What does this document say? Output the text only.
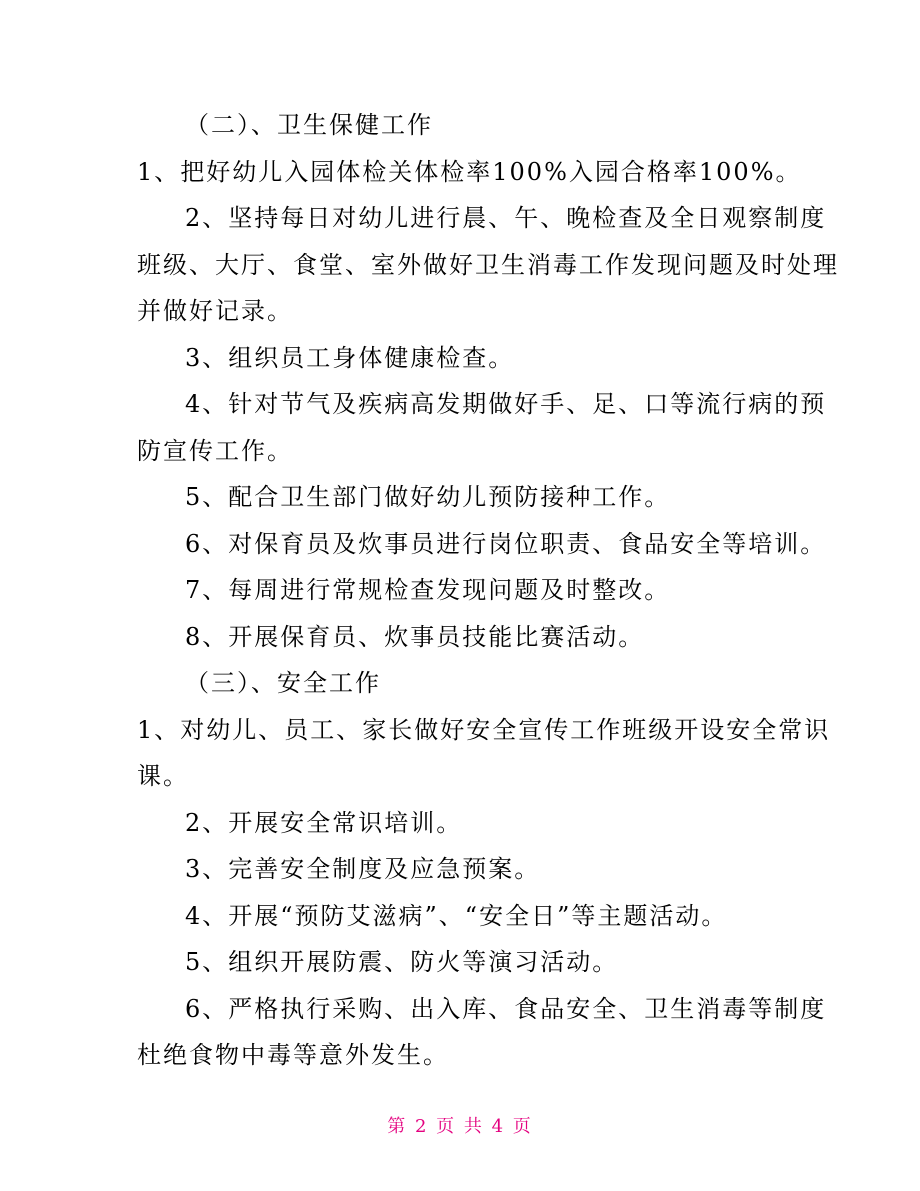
（二）、卫生保健工作
1、把好幼儿入园体检关体检率100%入园合格率100%。
2、坚持每日对幼儿进行晨、午、晚检查及全日观察制度
班级、大厅、食堂、室外做好卫生消毒工作发现问题及时处理
并做好记录。
3、组织员工身体健康检查。
4、针对节气及疾病高发期做好手、足、口等流行病的预
防宣传工作。
5、配合卫生部门做好幼儿预防接种工作。
6、对保育员及炊事员进行岗位职责、食品安全等培训。
7、每周进行常规检查发现问题及时整改。
8、开展保育员、炊事员技能比赛活动。
（三）、安全工作
1、对幼儿、员工、家长做好安全宣传工作班级开设安全常识
课。
2、开展安全常识培训。
3、完善安全制度及应急预案。
4、开展“预防艾滋病”、“安全日”等主题活动。
5、组织开展防震、防火等演习活动。
6、严格执行采购、出入库、食品安全、卫生消毒等制度
杜绝食物中毒等意外发生。
第 2 页 共 4 页
